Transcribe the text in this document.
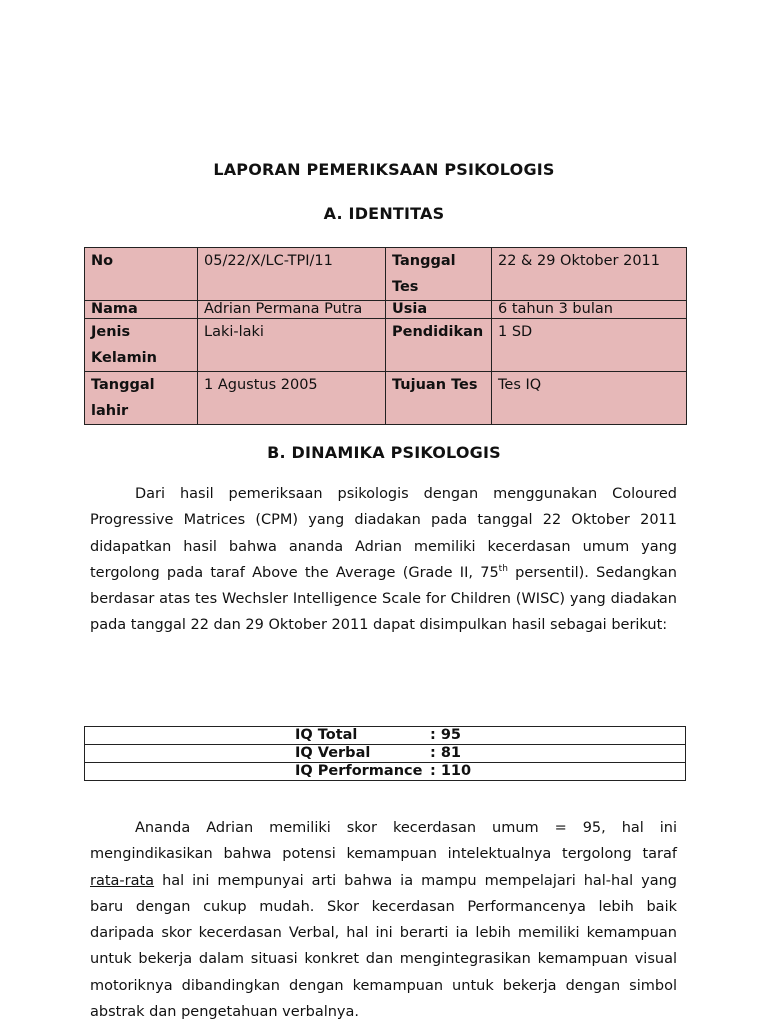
LAPORAN PEMERIKSAAN PSIKOLOGIS
A. IDENTITAS
No	05/22/X/LC-TPI/11	Tanggal Tes	22 & 29 Oktober 2011
Nama	Adrian Permana Putra	Usia	6 tahun 3 bulan
Jenis Kelamin	Laki-laki	Pendidikan	1 SD
Tanggal lahir	1 Agustus 2005	Tujuan Tes	Tes IQ
B. DINAMIKA PSIKOLOGIS

Dari hasil pemeriksaan psikologis dengan menggunakan Coloured Progressive Matrices (CPM) yang diadakan pada tanggal 22 Oktober 2011 didapatkan hasil bahwa ananda Adrian memiliki kecerdasan umum yang tergolong pada taraf Above the Average (Grade II, 75th persentil). Sedangkan berdasar atas tes Wechsler Intelligence Scale for Children (WISC) yang diadakan pada tanggal 22 dan 29 Oktober 2011 dapat disimpulkan hasil sebagai berikut:

IQ Total	: 95
IQ Verbal	: 81
IQ Performance : 110

Ananda Adrian memiliki skor kecerdasan umum = 95, hal ini mengindikasikan bahwa potensi kemampuan intelektualnya tergolong taraf rata-rata hal ini mempunyai arti bahwa ia mampu mempelajari hal-hal yang baru dengan cukup mudah. Skor kecerdasan Performancenya lebih baik daripada skor kecerdasan Verbal, hal ini berarti ia lebih memiliki kemampuan untuk bekerja dalam situasi konkret dan mengintegrasikan kemampuan visual motoriknya dibandingkan dengan kemampuan untuk bekerja dengan simbol abstrak dan pengetahuan verbalnya.
